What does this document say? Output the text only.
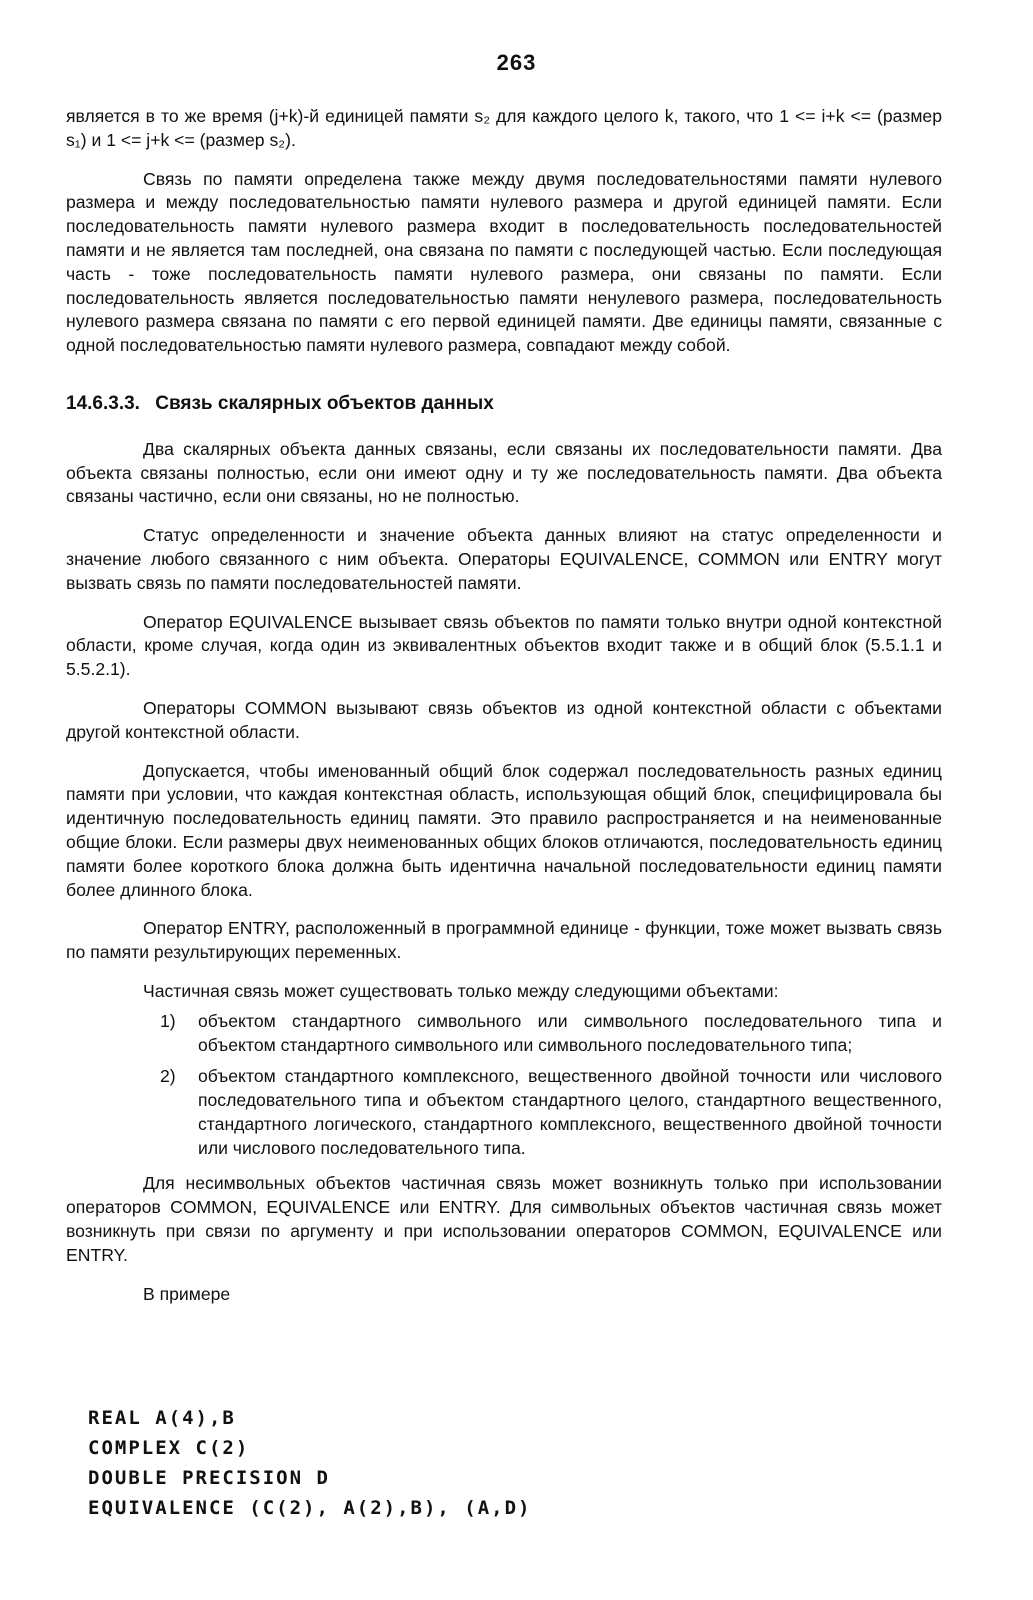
263

является в то же время (j+k)-й единицей памяти s₂ для каждого целого k, такого, что 1 <= i+k <= (размер s₁) и 1 <= j+k <= (размер s₂).

Связь по памяти определена также между двумя последовательностями памяти нулевого размера и между последовательностью памяти нулевого размера и другой единицей памяти. Если последовательность памяти нулевого размера входит в последовательность последовательностей памяти и не является там последней, она связана по памяти с последующей частью. Если последующая часть - тоже последовательность памяти нулевого размера, они связаны по памяти. Если последовательность является последовательностью памяти ненулевого размера, последовательность нулевого размера связана по памяти с его первой единицей памяти. Две единицы памяти, связанные с одной последовательностью памяти нулевого размера, совпадают между собой.

14.6.3.3. Связь скалярных объектов данных

Два скалярных объекта данных связаны, если связаны их последовательности памяти. Два объекта связаны полностью, если они имеют одну и ту же последовательность памяти. Два объекта связаны частично, если они связаны, но не полностью.

Статус определенности и значение объекта данных влияют на статус определенности и значение любого связанного с ним объекта. Операторы EQUIVALENCE, COMMON или ENTRY могут вызвать связь по памяти последовательностей памяти.

Оператор EQUIVALENCE вызывает связь объектов по памяти только внутри одной контекстной области, кроме случая, когда один из эквивалентных объектов входит также и в общий блок (5.5.1.1 и 5.5.2.1).

Операторы COMMON вызывают связь объектов из одной контекстной области с объектами другой контекстной области.

Допускается, чтобы именованный общий блок содержал последовательность разных единиц памяти при условии, что каждая контекстная область, использующая общий блок, специфицировала бы идентичную последовательность единиц памяти. Это правило распространяется и на неименованные общие блоки. Если размеры двух неименованных общих блоков отличаются, последовательность единиц памяти более короткого блока должна быть идентична начальной последовательности единиц памяти более длинного блока.

Оператор ENTRY, расположенный в программной единице - функции, тоже может вызвать связь по памяти результирующих переменных.

Частичная связь может существовать только между следующими объектами:

1) объектом стандартного символьного или символьного последовательного типа и объектом стандартного символьного или символьного последовательного типа;
2) объектом стандартного комплексного, вещественного двойной точности или числового последовательного типа и объектом стандартного целого, стандартного вещественного, стандартного логического, стандартного комплексного, вещественного двойной точности или числового последовательного типа.

Для несимвольных объектов частичная связь может возникнуть только при использовании операторов COMMON, EQUIVALENCE или ENTRY. Для символьных объектов частичная связь может возникнуть при связи по аргументу и при использовании операторов COMMON, EQUIVALENCE или ENTRY.

В примере

REAL A(4),B
COMPLEX C(2)
DOUBLE PRECISION D
EQUIVALENCE (C(2), A(2),B), (A,D)
